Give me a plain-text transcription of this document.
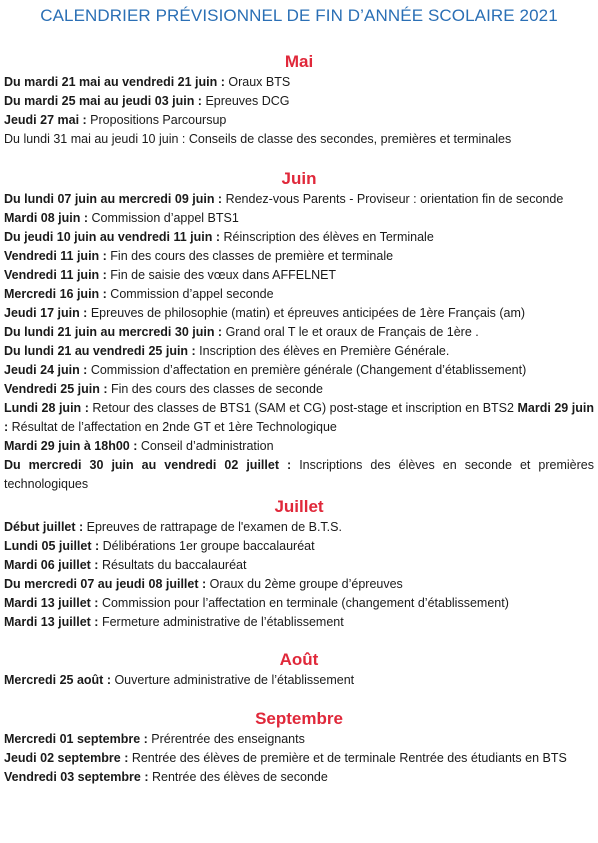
CALENDRIER PRÉVISIONNEL DE FIN D’ANNÉE SCOLAIRE 2021
Mai

Du mardi 21 mai au vendredi 21 juin : Oraux BTS

Du mardi 25 mai au jeudi 03 juin : Epreuves DCG

Jeudi 27 mai : Propositions Parcoursup

Du lundi 31 mai au jeudi 10 juin : Conseils de classe des secondes, premières et terminales

Juin

Du lundi 07 juin au mercredi 09 juin : Rendez-vous Parents - Proviseur : orientation fin de seconde

Mardi 08 juin : Commission d’appel BTS1

Du jeudi 10 juin au vendredi 11 juin : Réinscription des élèves en Terminale

Vendredi 11 juin : Fin des cours des classes de première et terminale

Vendredi 11 juin : Fin de saisie des vœux dans AFFELNET

Mercredi 16 juin : Commission d’appel seconde

Jeudi 17 juin : Epreuves de philosophie (matin) et épreuves anticipées de 1ère Français (am)

Du lundi 21 juin au mercredi 30 juin : Grand oral T le et oraux de Français de 1ère .

Du lundi 21 au vendredi 25 juin : Inscription des élèves en Première Générale.

Jeudi 24 juin : Commission d’affectation en première générale (Changement d’établissement)

Vendredi 25 juin : Fin des cours des classes de seconde

Lundi 28 juin : Retour des classes de BTS1 (SAM et CG) post-stage et inscription en BTS2 Mardi 29 juin : Résultat de l’affectation en 2nde GT et 1ère Technologique

Mardi 29 juin à 18h00 : Conseil d’administration

Du mercredi 30 juin au vendredi 02 juillet : Inscriptions des élèves en seconde et premières technologiques

Juillet

Début juillet : Epreuves de rattrapage de l'examen de B.T.S.

Lundi 05 juillet : Délibérations 1er groupe baccalauréat

Mardi 06 juillet : Résultats du baccalauréat

Du mercredi 07 au jeudi 08 juillet : Oraux du 2ème groupe d’épreuves

Mardi 13 juillet : Commission pour l’affectation en terminale (changement d’établissement)

Mardi 13 juillet : Fermeture administrative de l’établissement

Août

Mercredi 25 août : Ouverture administrative de l’établissement

Septembre

Mercredi 01 septembre : Prérentrée des enseignants

Jeudi 02 septembre : Rentrée des élèves de première et de terminale Rentrée des étudiants en BTS

Vendredi 03 septembre : Rentrée des élèves de seconde
